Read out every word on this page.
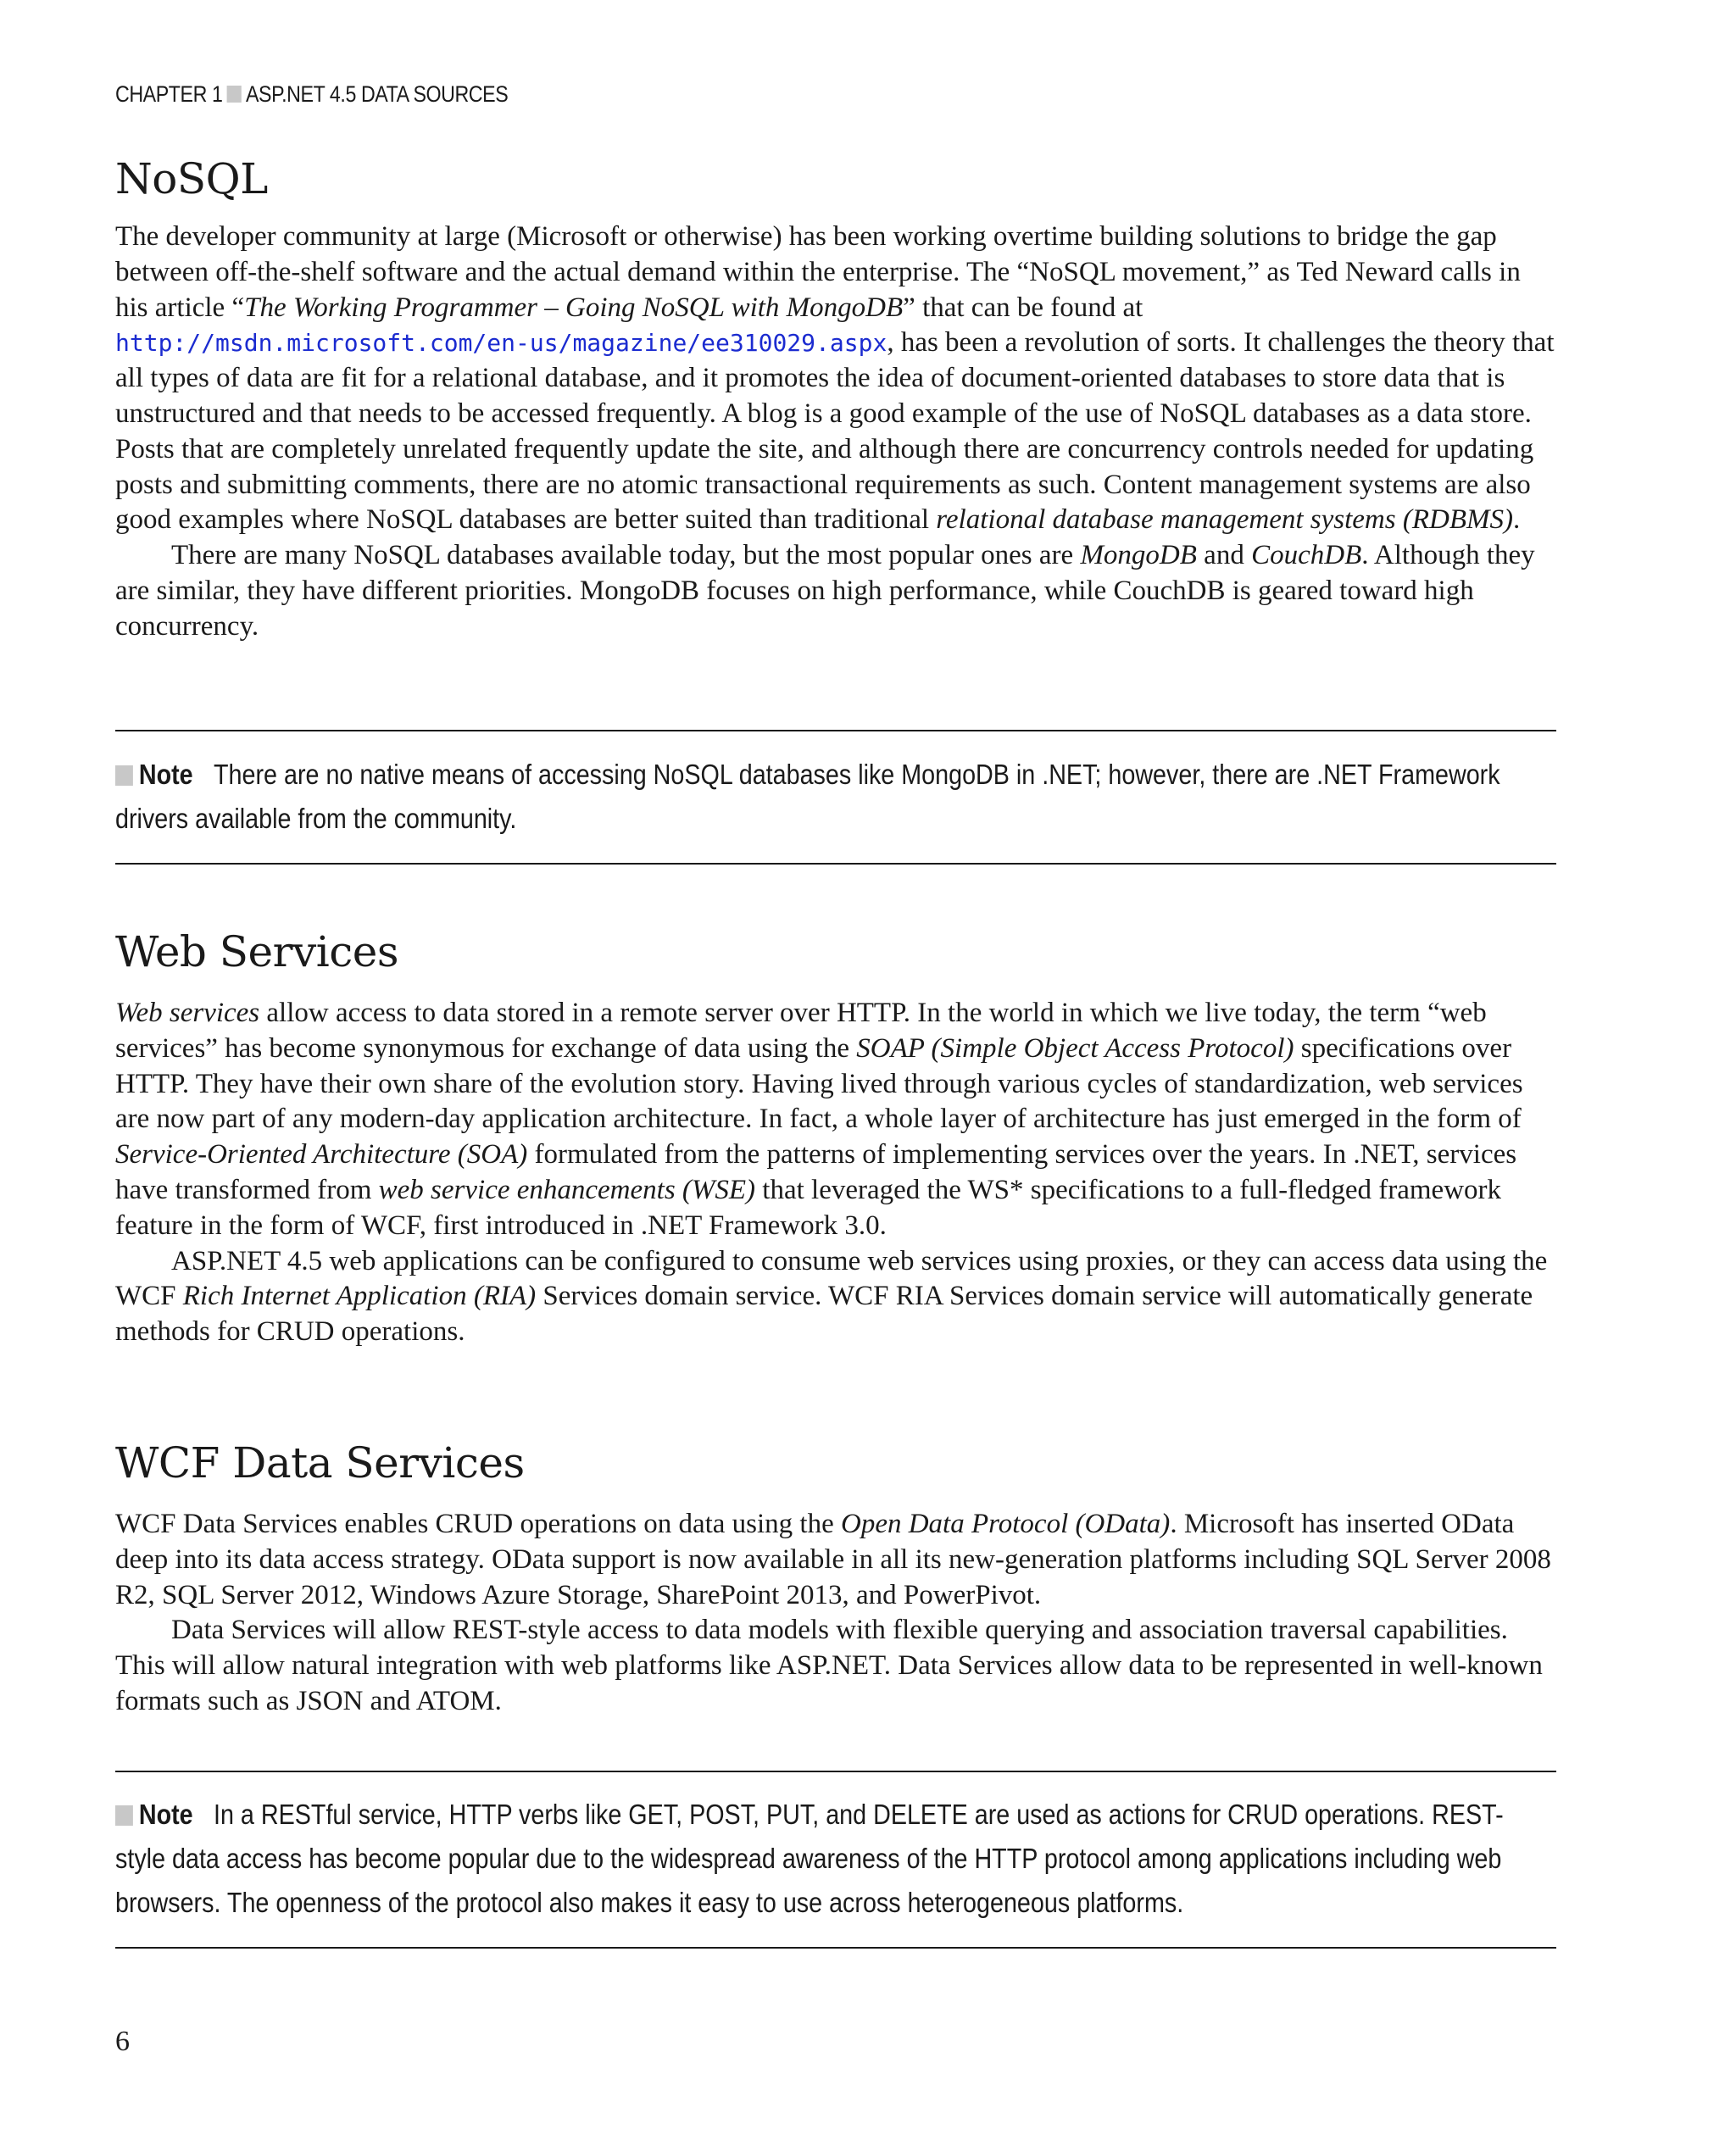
CHAPTER 1 ASP.NET 4.5 DATA SOURCES
NoSQL

The developer community at large (Microsoft or otherwise) has been working overtime building solutions to bridge the gap between off-the-shelf software and the actual demand within the enterprise. The “NoSQL movement,” as Ted Neward calls in his article “The Working Programmer – Going NoSQL with MongoDB” that can be found at http://msdn.microsoft.com/en-us/magazine/ee310029.aspx, has been a revolution of sorts. It challenges the theory that all types of data are fit for a relational database, and it promotes the idea of document-oriented databases to store data that is unstructured and that needs to be accessed frequently. A blog is a good example of the use of NoSQL databases as a data store. Posts that are completely unrelated frequently update the site, and although there are concurrency controls needed for updating posts and submitting comments, there are no atomic transactional requirements as such. Content management systems are also good examples where NoSQL databases are better suited than traditional relational database management systems (RDBMS).

There are many NoSQL databases available today, but the most popular ones are MongoDB and CouchDB. Although they are similar, they have different priorities. MongoDB focuses on high performance, while CouchDB is geared toward high concurrency.

Note There are no native means of accessing NoSQL databases like MongoDB in .NET; however, there are .NET Framework drivers available from the community.
Web Services

Web services allow access to data stored in a remote server over HTTP. In the world in which we live today, the term “web services” has become synonymous for exchange of data using the SOAP (Simple Object Access Protocol) specifications over HTTP. They have their own share of the evolution story. Having lived through various cycles of standardization, web services are now part of any modern-day application architecture. In fact, a whole layer of architecture has just emerged in the form of Service-Oriented Architecture (SOA) formulated from the patterns of implementing services over the years. In .NET, services have transformed from web service enhancements (WSE) that leveraged the WS* specifications to a full-fledged framework feature in the form of WCF, first introduced in .NET Framework 3.0.

ASP.NET 4.5 web applications can be configured to consume web services using proxies, or they can access data using the WCF Rich Internet Application (RIA) Services domain service. WCF RIA Services domain service will automatically generate methods for CRUD operations.

WCF Data Services

WCF Data Services enables CRUD operations on data using the Open Data Protocol (OData). Microsoft has inserted OData deep into its data access strategy. OData support is now available in all its new-generation platforms including SQL Server 2008 R2, SQL Server 2012, Windows Azure Storage, SharePoint 2013, and PowerPivot.

Data Services will allow REST-style access to data models with flexible querying and association traversal capabilities. This will allow natural integration with web platforms like ASP.NET. Data Services allow data to be represented in well-known formats such as JSON and ATOM.

Note In a RESTful service, HTTP verbs like GET, POST, PUT, and DELETE are used as actions for CRUD operations. REST-style data access has become popular due to the widespread awareness of the HTTP protocol among applications including web browsers. The openness of the protocol also makes it easy to use across heterogeneous platforms.
6
